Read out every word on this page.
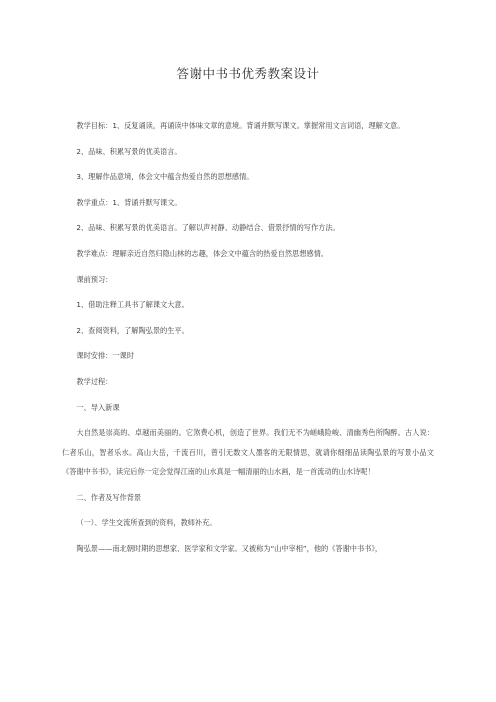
答谢中书书优秀教案设计

教学目标：1、反复诵读，再诵读中体味文章的意境。背诵并默写课文。掌握常用文言词语，理解文意。

2、品味、积累写景的优美语言。

3、理解作品意境，体会文中蕴含热爱自然的思想感情。

教学重点：1、背诵并默写课文。

2、品味、积累写景的优美语言。了解以声衬静、动静结合、借景抒情的写作方法。

教学难点：理解亲近自然归隐山林的志趣，体会文中蕴含的热爱自然思想感情。

课前预习：

1、借助注释工具书了解课文大意。

2、查阅资料，了解陶弘景的生平。

课时安排：一课时

教学过程：

一、导入新课

大自然是崇高的、卓越而美丽的。它煞费心机，创造了世界。我们无不为嵯峨险峻、清幽秀色所陶醉。古人说：仁者乐山，智者乐水。高山大岳，千流百川，曾引无数文人墨客的无限情思，就请你细细品读陶弘景的写景小品文《答谢中书书》，读完后你一定会觉得江南的山水真是一幅清丽的山水画，是一首流动的山水诗呢！

二、作者及写作背景

（一）、学生交流所查到的资料，教师补充。

陶弘景——南北朝时期的思想家、医学家和文学家。又被称为“山中宰相”，他的《答谢中书书》，
